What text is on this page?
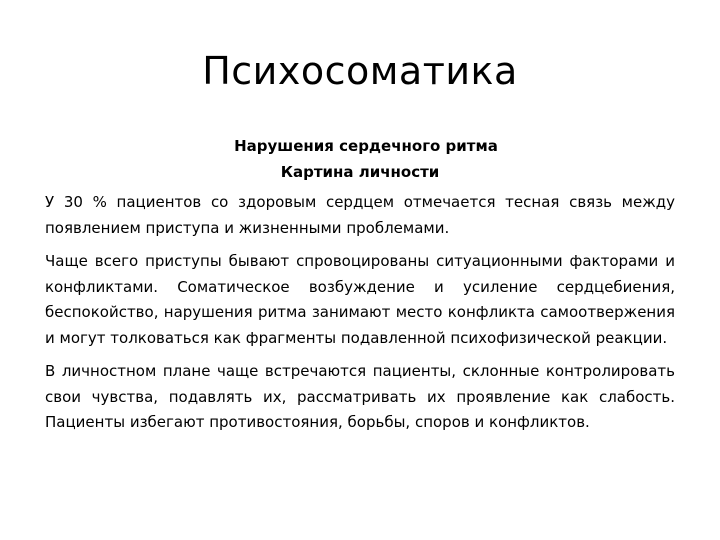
Психосоматика
Нарушения сердечного ритма
Картина личности

У 30 % пациентов со здоровым сердцем отмечается тесная связь между появлением приступа и жизненными проблемами.

Чаще всего приступы бывают спровоцированы ситуационными факторами и конфликтами. Соматическое возбуждение и усиление сердцебиения, беспокойство, нарушения ритма занимают место конфликта самоотвержения и могут толковаться как фрагменты подавленной психофизической реакции.

В личностном плане чаще встречаются пациенты, склонные контролировать свои чувства, подавлять их, рассматривать их проявление как слабость. Пациенты избегают противостояния, борьбы, споров и конфликтов.
